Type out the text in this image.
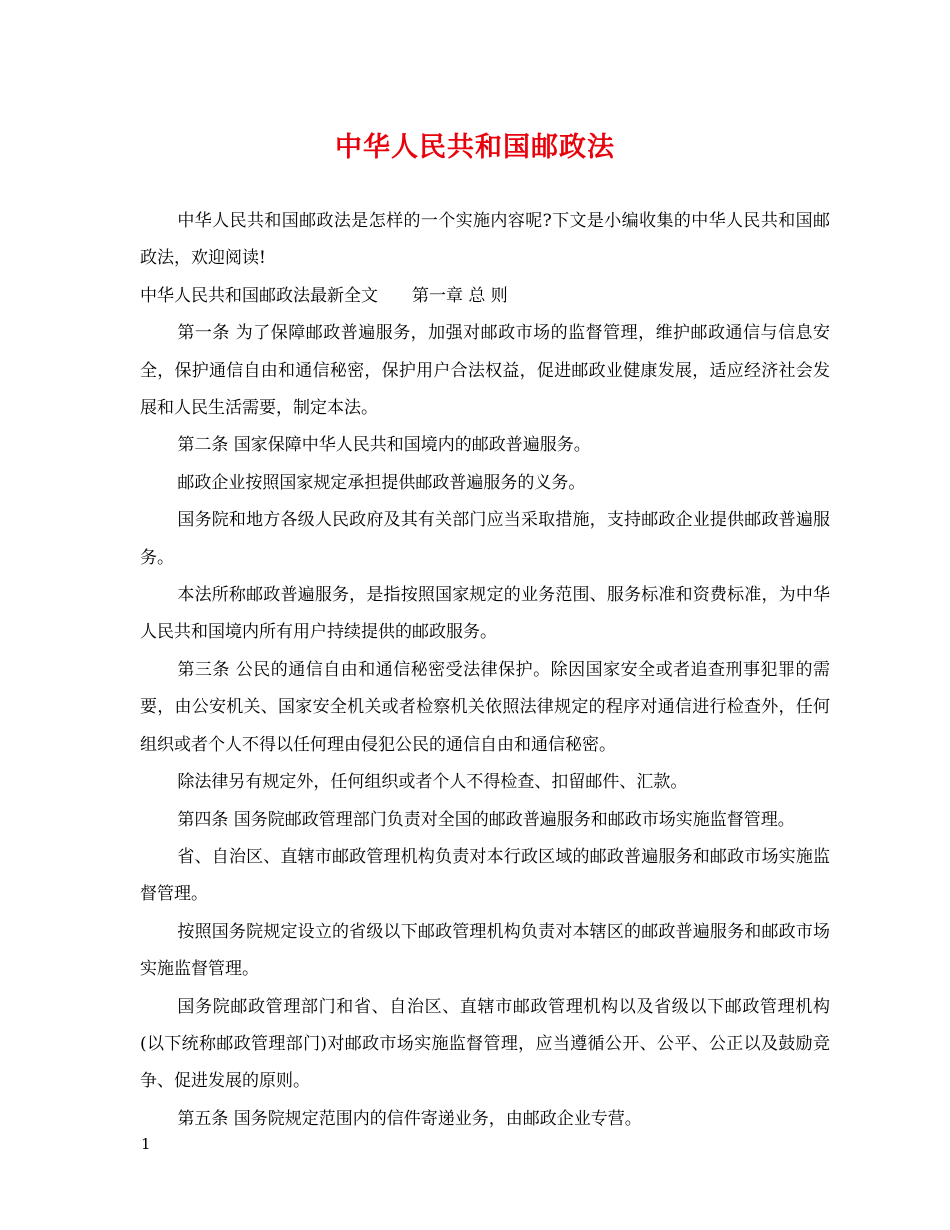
中华人民共和国邮政法

中华人民共和国邮政法是怎样的一个实施内容呢?下文是小编收集的中华人民共和国邮政法，欢迎阅读!

中华人民共和国邮政法最新全文 第一章 总 则

第一条 为了保障邮政普遍服务，加强对邮政市场的监督管理，维护邮政通信与信息安全，保护通信自由和通信秘密，保护用户合法权益，促进邮政业健康发展，适应经济社会发展和人民生活需要，制定本法。

第二条 国家保障中华人民共和国境内的邮政普遍服务。

邮政企业按照国家规定承担提供邮政普遍服务的义务。

国务院和地方各级人民政府及其有关部门应当采取措施，支持邮政企业提供邮政普遍服务。

本法所称邮政普遍服务，是指按照国家规定的业务范围、服务标准和资费标准，为中华人民共和国境内所有用户持续提供的邮政服务。

第三条 公民的通信自由和通信秘密受法律保护。除因国家安全或者追查刑事犯罪的需要，由公安机关、国家安全机关或者检察机关依照法律规定的程序对通信进行检查外，任何组织或者个人不得以任何理由侵犯公民的通信自由和通信秘密。

除法律另有规定外，任何组织或者个人不得检查、扣留邮件、汇款。

第四条 国务院邮政管理部门负责对全国的邮政普遍服务和邮政市场实施监督管理。

省、自治区、直辖市邮政管理机构负责对本行政区域的邮政普遍服务和邮政市场实施监督管理。

按照国务院规定设立的省级以下邮政管理机构负责对本辖区的邮政普遍服务和邮政市场实施监督管理。

国务院邮政管理部门和省、自治区、直辖市邮政管理机构以及省级以下邮政管理机构(以下统称邮政管理部门)对邮政市场实施监督管理，应当遵循公开、公平、公正以及鼓励竞争、促进发展的原则。

第五条 国务院规定范围内的信件寄递业务，由邮政企业专营。

1
